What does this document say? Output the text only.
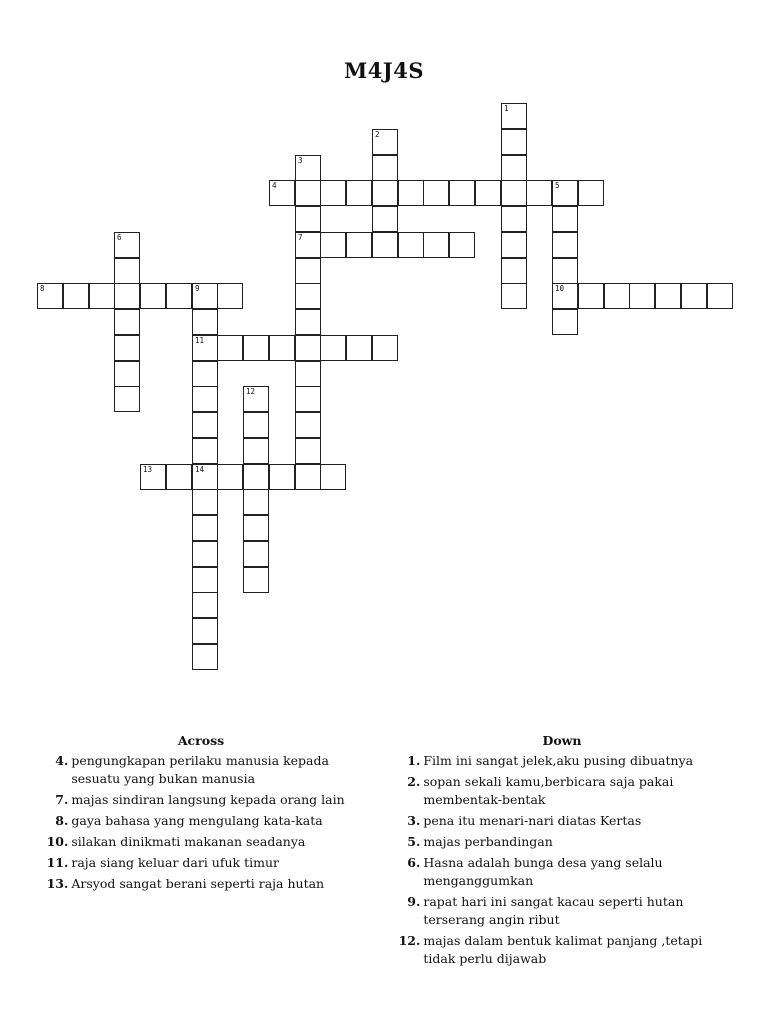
M4J4S
1
2
3
7
4	5
10
6
8	9
11
12
13	14
Across
4 . pengungkapan perilaku manusia kepada sesuatu yang bukan manusia
7 . majas sindiran langsung kepada orang lain
8 . gaya bahasa yang mengulang kata-kata
10 . silakan dinikmati makanan seadanya
11 . raja siang keluar dari ufuk timur
13 . Arsyod sangat berani seperti raja hutan
Down
1 . Film ini sangat jelek,aku pusing dibuatnya
2 . sopan sekali kamu,berbicara saja pakai membentak-bentak
3 . pena itu menari-nari diatas Kertas
5 . majas perbandingan
6 . Hasna adalah bunga desa yang selalu menganggumkan
9 . rapat hari ini sangat kacau seperti hutan terserang angin ribut
12 . majas dalam bentuk kalimat panjang ,tetapi tidak perlu dijawab
